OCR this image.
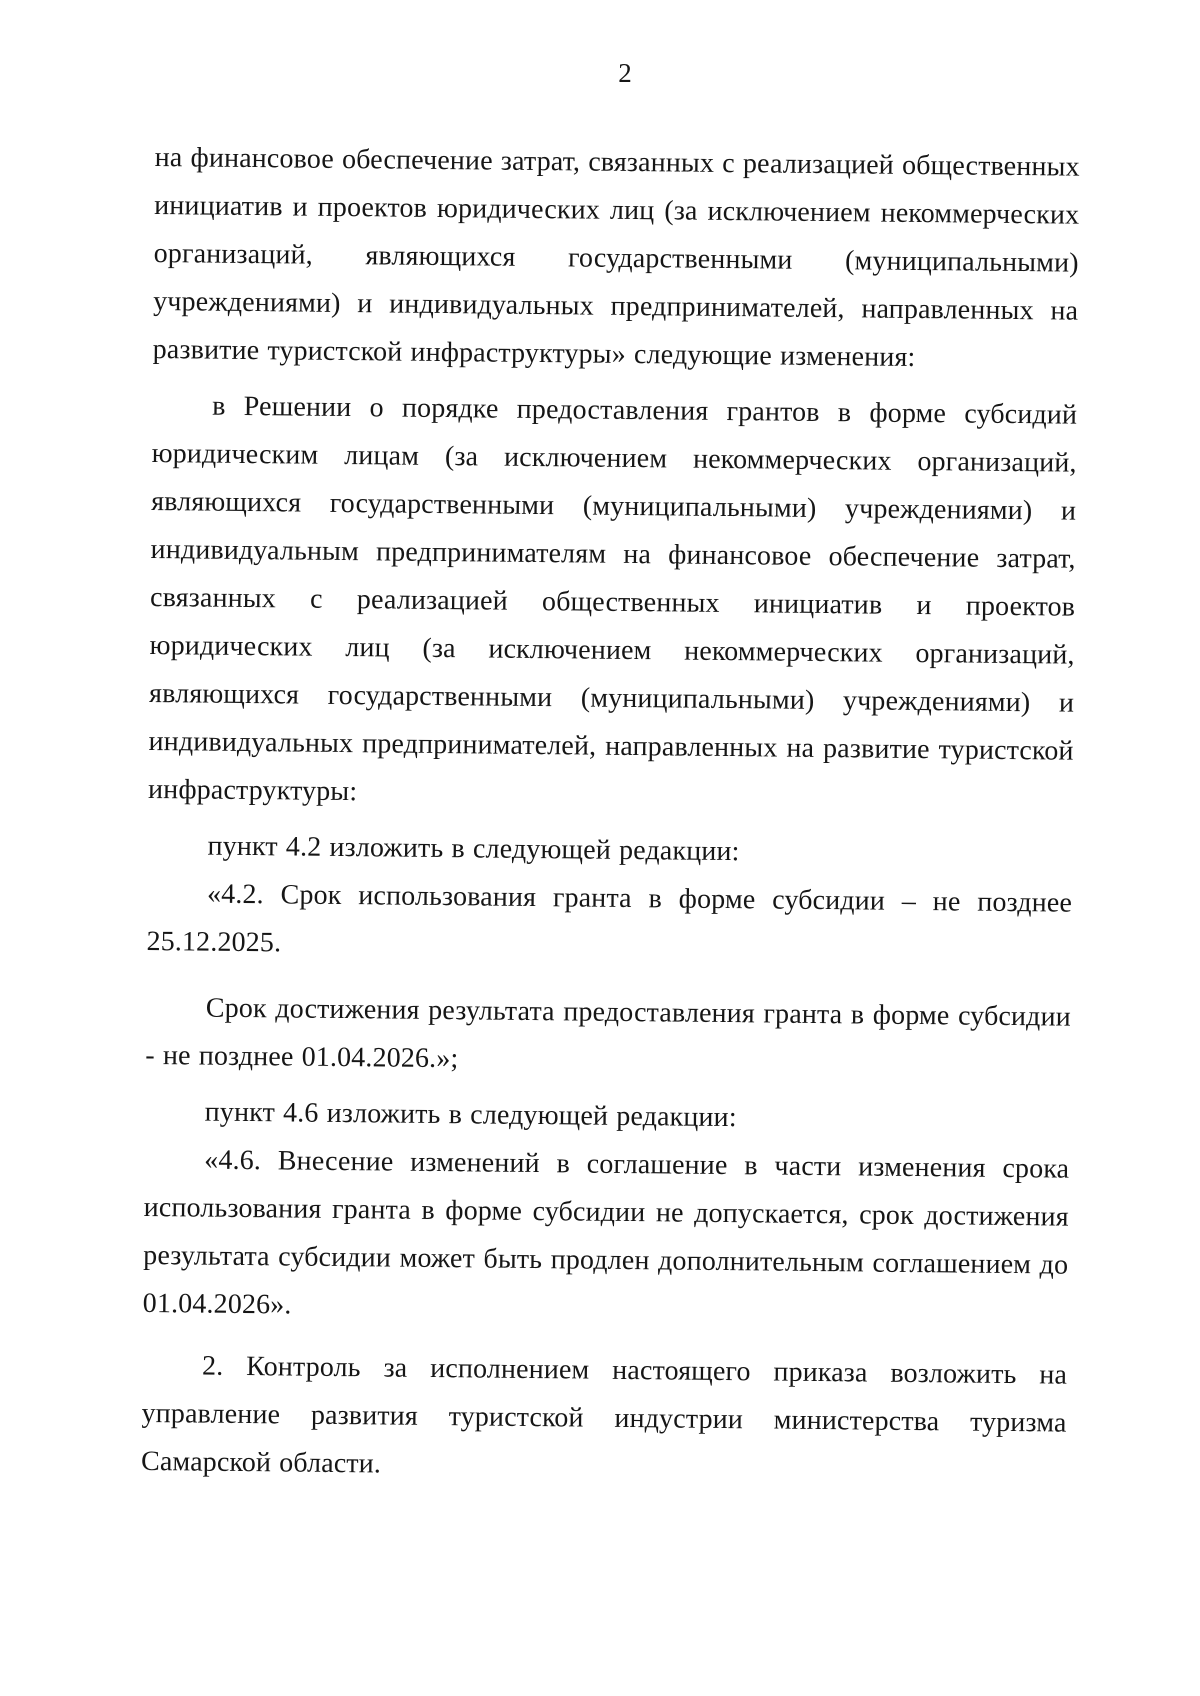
2

на финансовое обеспечение затрат, связанных с реализацией общественных инициатив и проектов юридических лиц (за исключением некоммерческих организаций, являющихся государственными (муниципальными) учреждениями) и индивидуальных предпринимателей, направленных на развитие туристской инфраструктуры» следующие изменения:

в Решении о порядке предоставления грантов в форме субсидий юридическим лицам (за исключением некоммерческих организаций, являющихся государственными (муниципальными) учреждениями) и индивидуальным предпринимателям на финансовое обеспечение затрат, связанных с реализацией общественных инициатив и проектов юридических лиц (за исключением некоммерческих организаций, являющихся государственными (муниципальными) учреждениями) и индивидуальных предпринимателей, направленных на развитие туристской инфраструктуры:

пункт 4.2 изложить в следующей редакции:

«4.2. Срок использования гранта в форме субсидии – не позднее 25.12.2025.

Срок достижения результата предоставления гранта в форме субсидии - не позднее 01.04.2026.»;

пункт 4.6 изложить в следующей редакции:

«4.6. Внесение изменений в соглашение в части изменения срока использования гранта в форме субсидии не допускается, срок достижения результата субсидии может быть продлен дополнительным соглашением до 01.04.2026».

2. Контроль за исполнением настоящего приказа возложить на управление развития туристской индустрии министерства туризма Самарской области.
